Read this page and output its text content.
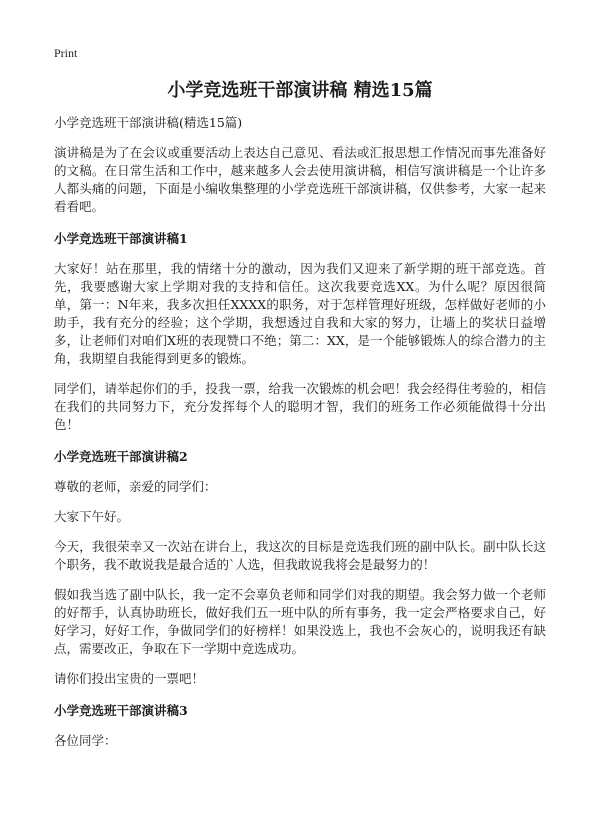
Print
小学竞选班干部演讲稿 精选15篇
小学竞选班干部演讲稿(精选15篇)

演讲稿是为了在会议或重要活动上表达自己意见、看法或汇报思想工作情况而事先准备好的文稿。在日常生活和工作中，越来越多人会去使用演讲稿，相信写演讲稿是一个让许多人都头痛的问题，下面是小编收集整理的小学竞选班干部演讲稿，仅供参考，大家一起来看看吧。

小学竞选班干部演讲稿1

大家好！站在那里，我的情绪十分的激动，因为我们又迎来了新学期的班干部竞选。首先，我要感谢大家上学期对我的支持和信任。这次我要竞选XX。为什么呢？原因很简单，第一：N年来，我多次担任XXXX的职务，对于怎样管理好班级，怎样做好老师的小助手，我有充分的经验；这个学期，我想透过自我和大家的努力，让墙上的奖状日益增多，让老师们对咱们X班的表现赞口不绝；第二：XX，是一个能够锻炼人的综合潜力的主角，我期望自我能得到更多的锻炼。

同学们，请举起你们的手，投我一票，给我一次锻炼的机会吧！我会经得住考验的，相信在我们的共同努力下，充分发挥每个人的聪明才智，我们的班务工作必须能做得十分出色！

小学竞选班干部演讲稿2

尊敬的老师，亲爱的同学们：

大家下午好。

今天，我很荣幸又一次站在讲台上，我这次的目标是竞选我们班的副中队长。副中队长这个职务，我不敢说我是最合适的`人选，但我敢说我将会是最努力的！

假如我当选了副中队长，我一定不会辜负老师和同学们对我的期望。我会努力做一个老师的好帮手，认真协助班长，做好我们五一班中队的所有事务，我一定会严格要求自己，好好学习，好好工作，争做同学们的好榜样！如果没选上，我也不会灰心的，说明我还有缺点，需要改正，争取在下一学期中竞选成功。

请你们投出宝贵的一票吧！

小学竞选班干部演讲稿3

各位同学：
